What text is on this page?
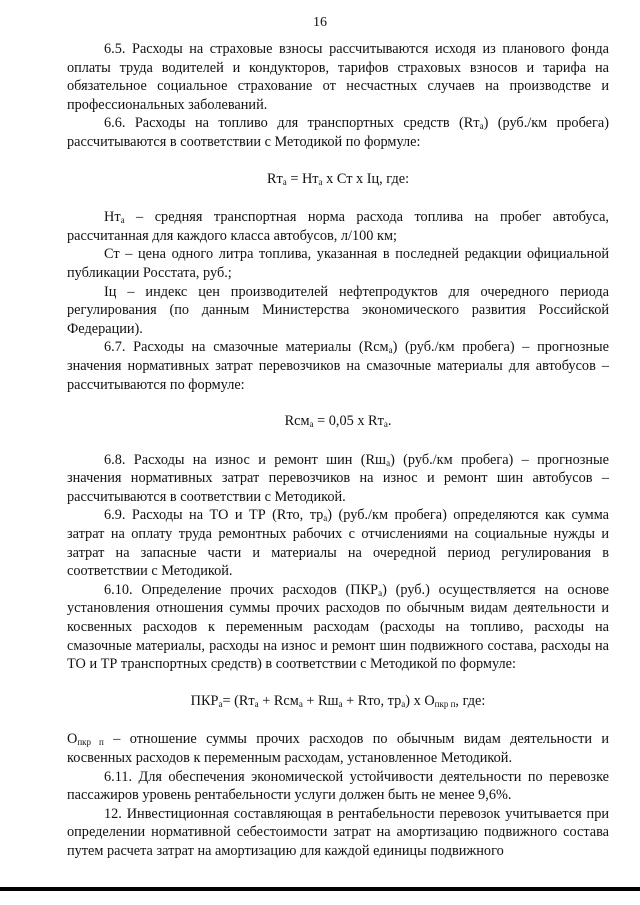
16

6.5. Расходы на страховые взносы рассчитываются исходя из планового фонда оплаты труда водителей и кондукторов, тарифов страховых взносов и тарифа на обязательное социальное страхование от несчастных случаев на производстве и профессиональных заболеваний.

6.6. Расходы на топливо для транспортных средств $(Rт_а)$ (руб./км пробега) рассчитываются в соответствии с Методикой по формуле:

$Rт_а = Нт_а$ х Ст х Iц, где:

$Нт_а$ – средняя транспортная норма расхода топлива на пробег автобуса, рассчитанная для каждого класса автобусов, л/100 км;

Ст – цена одного литра топлива, указанная в последней редакции официальной публикации Росстата, руб.;

Iц – индекс цен производителей нефтепродуктов для очередного периода регулирования (по данным Министерства экономического развития Российской Федерации).

6.7. Расходы на смазочные материалы (Rсм$_а$) (руб./км пробега) – прогнозные значения нормативных затрат перевозчиков на смазочные материалы для автобусов – рассчитываются по формуле:

Rсм$_а$ = 0,05 х $Rт_а$.

6.8. Расходы на износ и ремонт шин $(Rш_а)$ (руб./км пробега) – прогнозные значения нормативных затрат перевозчиков на износ и ремонт шин автобусов – рассчитываются в соответствии с Методикой.

6.9. Расходы на ТО и ТР (Rто, $тр_а$) (руб./км пробега) определяются как сумма затрат на оплату труда ремонтных рабочих с отчислениями на социальные нужды и затрат на запасные части и материалы на очередной период регулирования в соответствии с Методикой.

6.10. Определение прочих расходов $(ПКР_а)$ (руб.) осуществляется на основе установления отношения суммы прочих расходов по обычным видам деятельности и косвенных расходов к переменным расходам (расходы на топливо, расходы на смазочные материалы, расходы на износ и ремонт шин подвижного состава, расходы на ТО и ТР транспортных средств) в соответствии с Методикой по формуле:

$ПКР_а= (Rт_а + Rсм_а + Rш_а$ + Rто, $тр_а$) х $О_{пкр п}$, где:

$О_{пкр п}$ – отношение суммы прочих расходов по обычным видам деятельности и косвенных расходов к переменным расходам, установленное Методикой.

6.11. Для обеспечения экономической устойчивости деятельности по перевозке пассажиров уровень рентабельности услуги должен быть не менее 9,6%.

12. Инвестиционная составляющая в рентабельности перевозок учитывается при определении нормативной себестоимости затрат на амортизацию подвижного состава путем расчета затрат на амортизацию для каждой единицы подвижного
